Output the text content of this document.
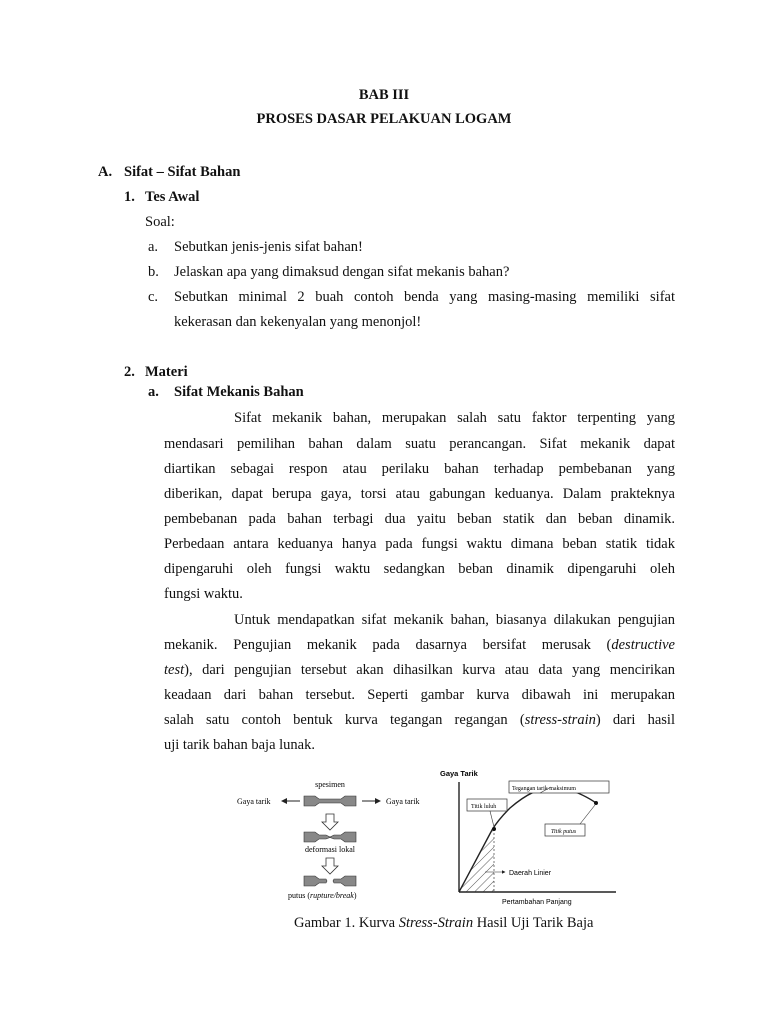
BAB III
PROSES DASAR PELAKUAN LOGAM
A. Sifat – Sifat Bahan
1. Tes Awal
Soal:
a. Sebutkan jenis-jenis sifat bahan!
b. Jelaskan apa yang dimaksud dengan sifat mekanis bahan?
c. Sebutkan minimal 2 buah contoh benda yang masing-masing memiliki sifat
kekerasan dan kekenyalan yang menonjol!
2. Materi
a. Sifat Mekanis Bahan
Sifat mekanik bahan, merupakan salah satu faktor terpenting yang
mendasari pemilihan bahan dalam suatu perancangan. Sifat mekanik dapat
diartikan sebagai respon atau perilaku bahan terhadap pembebanan yang
diberikan, dapat berupa gaya, torsi atau gabungan keduanya. Dalam prakteknya
pembebanan pada bahan terbagi dua yaitu beban statik dan beban dinamik.
Perbedaan antara keduanya hanya pada fungsi waktu dimana beban statik tidak
dipengaruhi oleh fungsi waktu sedangkan beban dinamik dipengaruhi oleh
fungsi waktu.
Untuk mendapatkan sifat mekanik bahan, biasanya dilakukan pengujian
mekanik. Pengujian mekanik pada dasarnya bersifat merusak (destructive
test), dari pengujian tersebut akan dihasilkan kurva atau data yang mencirikan
keadaan dari bahan tersebut. Seperti gambar kurva dibawah ini merupakan
salah satu contoh bentuk kurva tegangan regangan (stress-strain) dari hasil
uji tarik bahan baja lunak.
spesimen
Gaya tarik	Gaya tarik
deformasi lokal
putus (rupture/break)
Gaya Tarik
Pertambahan Panjang
Tegangan tarik maksimum
Titik luluh
Titik putus
Daerah Linier
Gambar 1. Kurva Stress-Strain Hasil Uji Tarik Baja
